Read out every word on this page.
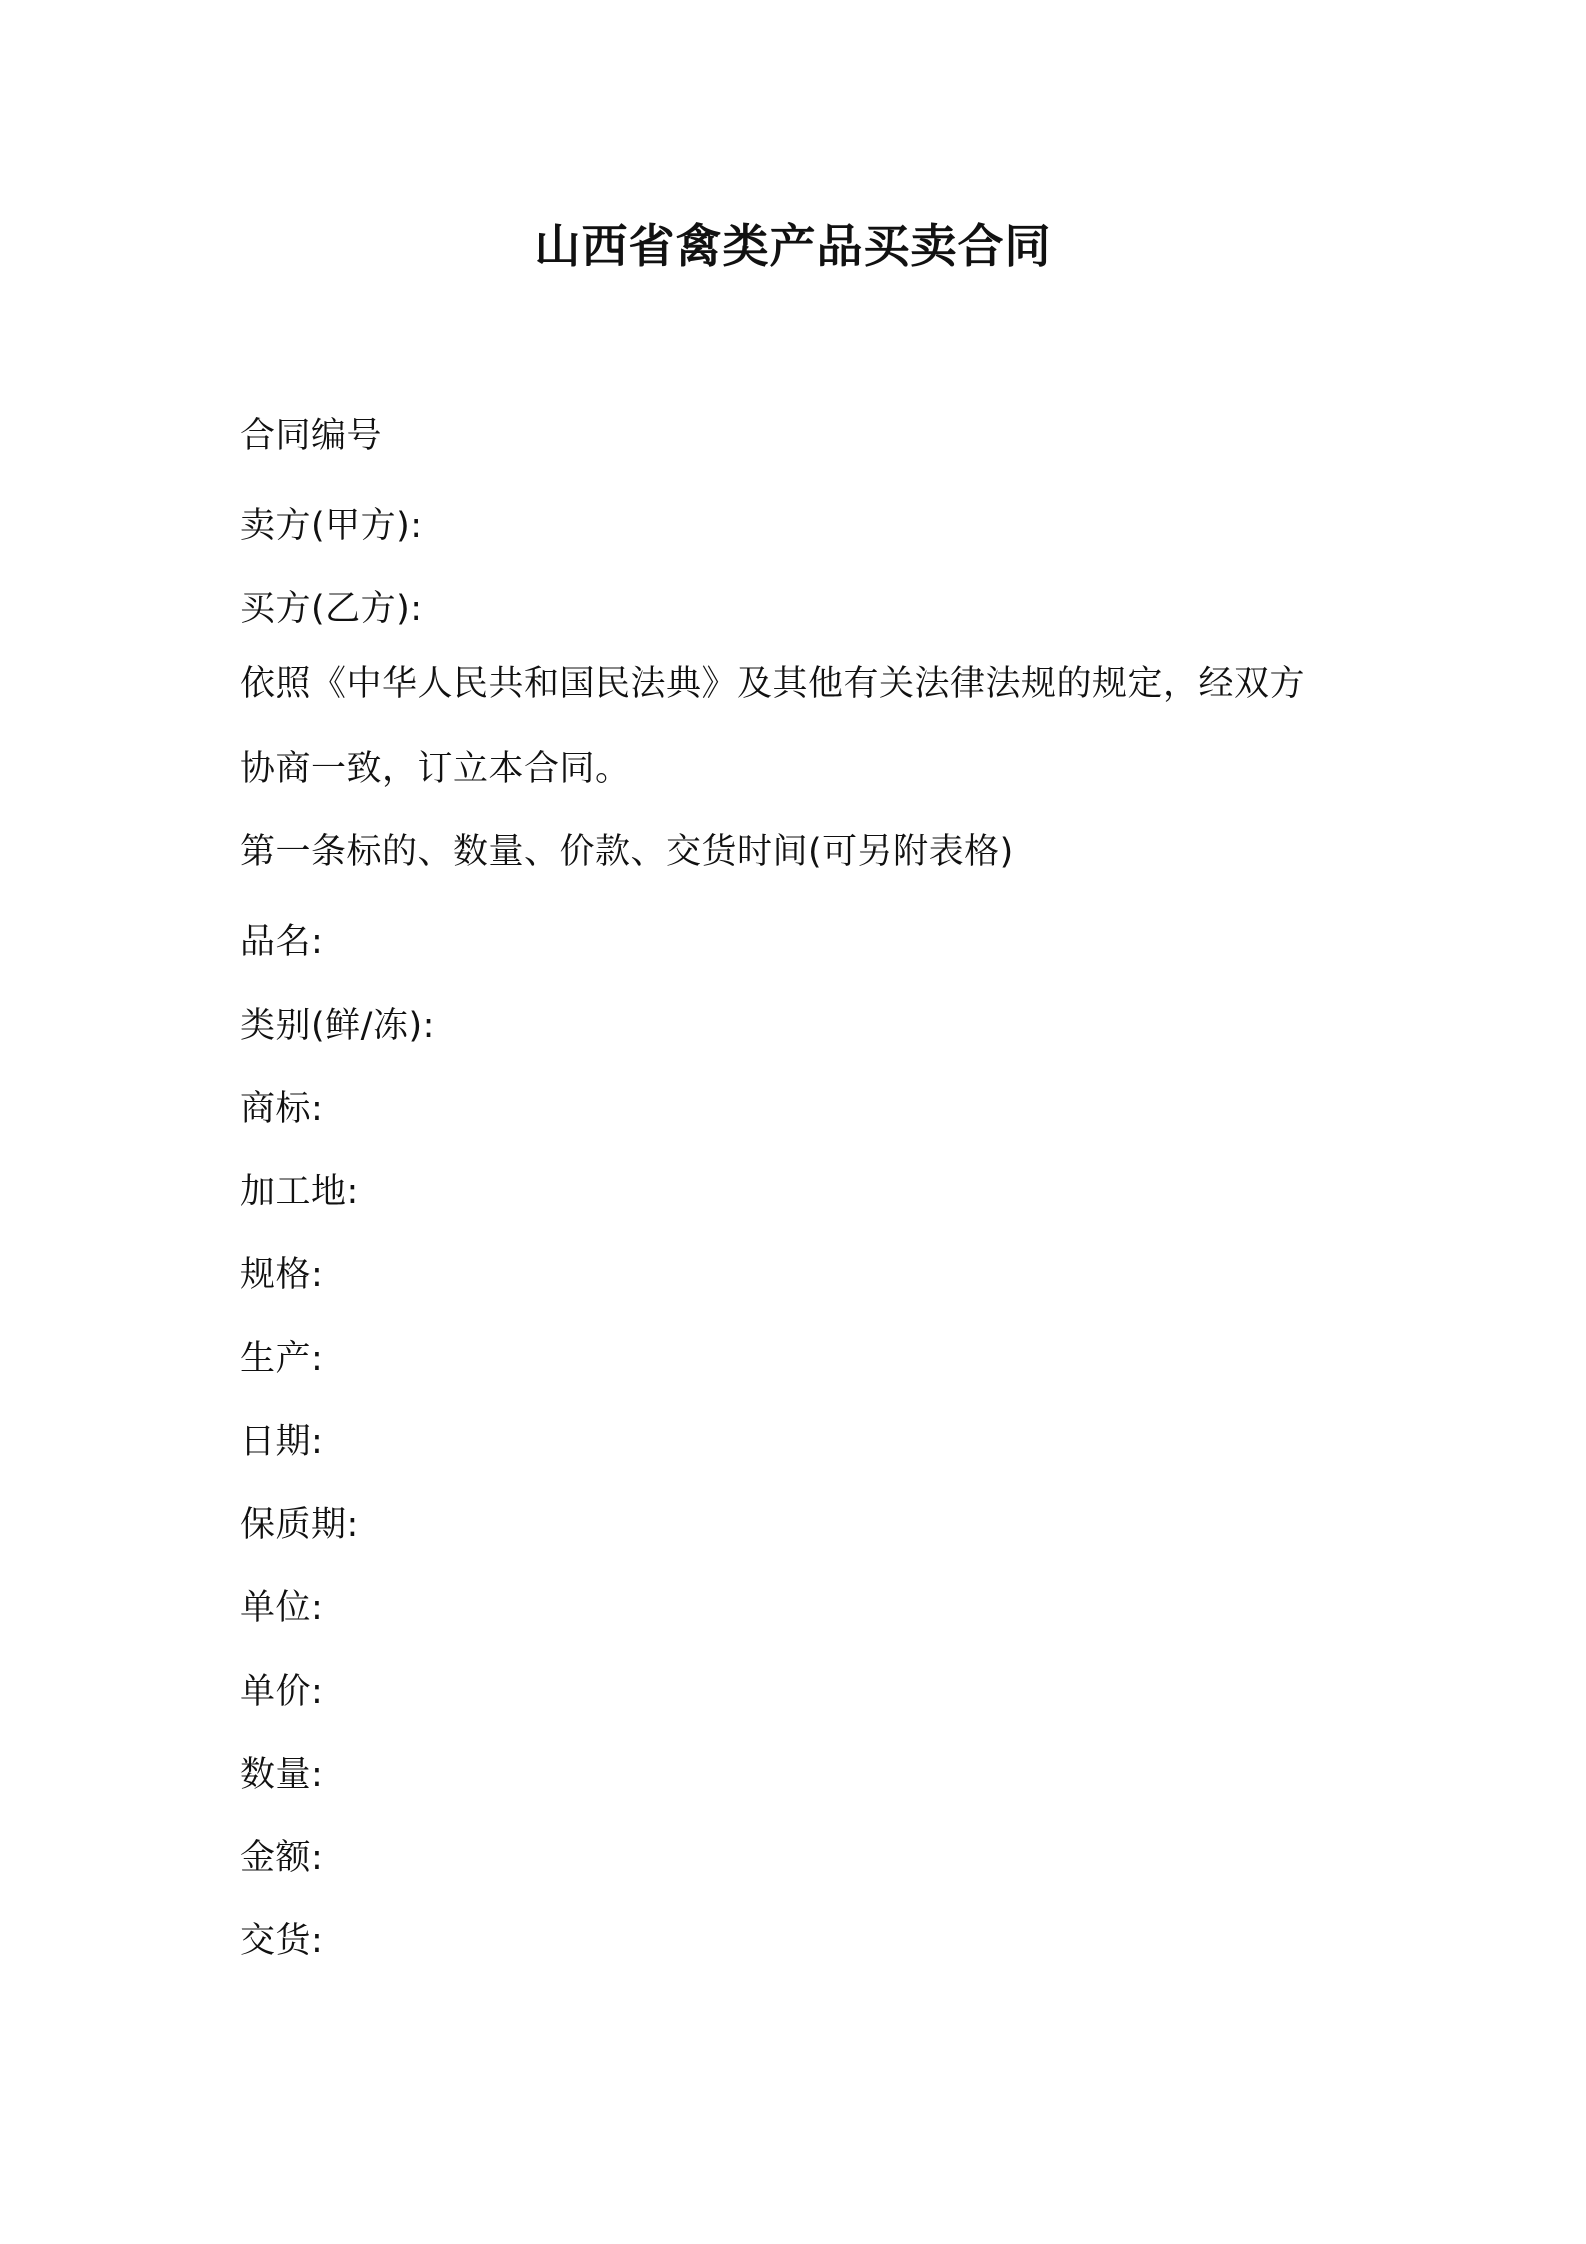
山西省禽类产品买卖合同
合同编号
卖方(甲方):
买方(乙方):
依照《中华人民共和国民法典》及其他有关法律法规的规定，经双方
协商一致，订立本合同。
第一条标的、数量、价款、交货时间(可另附表格)
品名:
类别(鲜/冻):
商标:
加工地:
规格:
生产:
日期:
保质期:
单位:
单价:
数量:
金额:
交货:
